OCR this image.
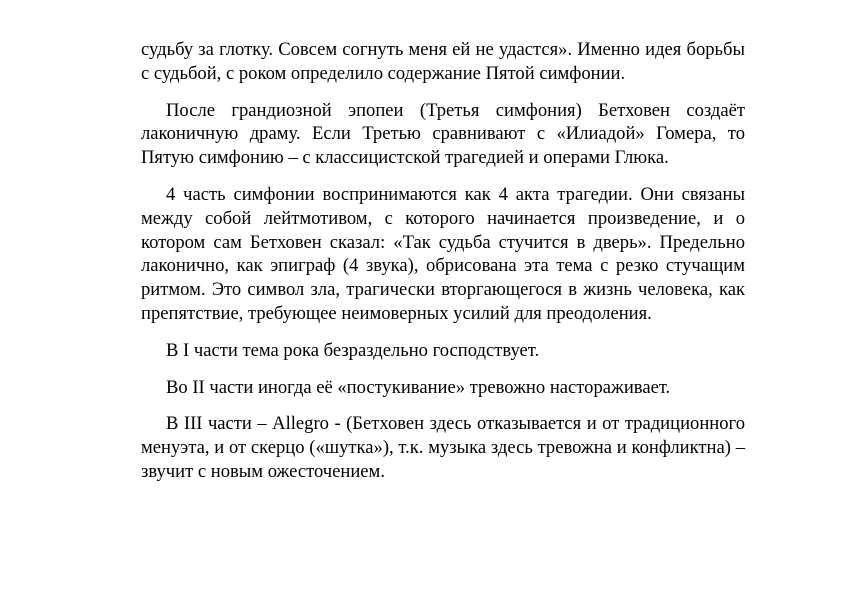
судьбу за глотку. Совсем согнуть меня ей не удастся». Именно идея борьбы с судьбой, с роком определило содержание Пятой симфонии.

После грандиозной эпопеи (Третья симфония) Бетховен создаёт лаконичную драму. Если Третью сравнивают с «Илиадой» Гомера, то Пятую симфонию – с классицистской трагедией и операми Глюка.

4 часть симфонии воспринимаются как 4 акта трагедии. Они связаны между собой лейтмотивом, с которого начинается произведение, и о котором сам Бетховен сказал: «Так судьба стучится в дверь». Предельно лаконично, как эпиграф (4 звука), обрисована эта тема с резко стучащим ритмом. Это символ зла, трагически вторгающегося в жизнь человека, как препятствие, требующее неимоверных усилий для преодоления.

В I части тема рока безраздельно господствует.

Во II части иногда её «постукивание» тревожно настораживает.

В III части – Allegro - (Бетховен здесь отказывается и от традиционного менуэта, и от скерцо («шутка»), т.к. музыка здесь тревожна и конфликтна) – звучит с новым ожесточением.
